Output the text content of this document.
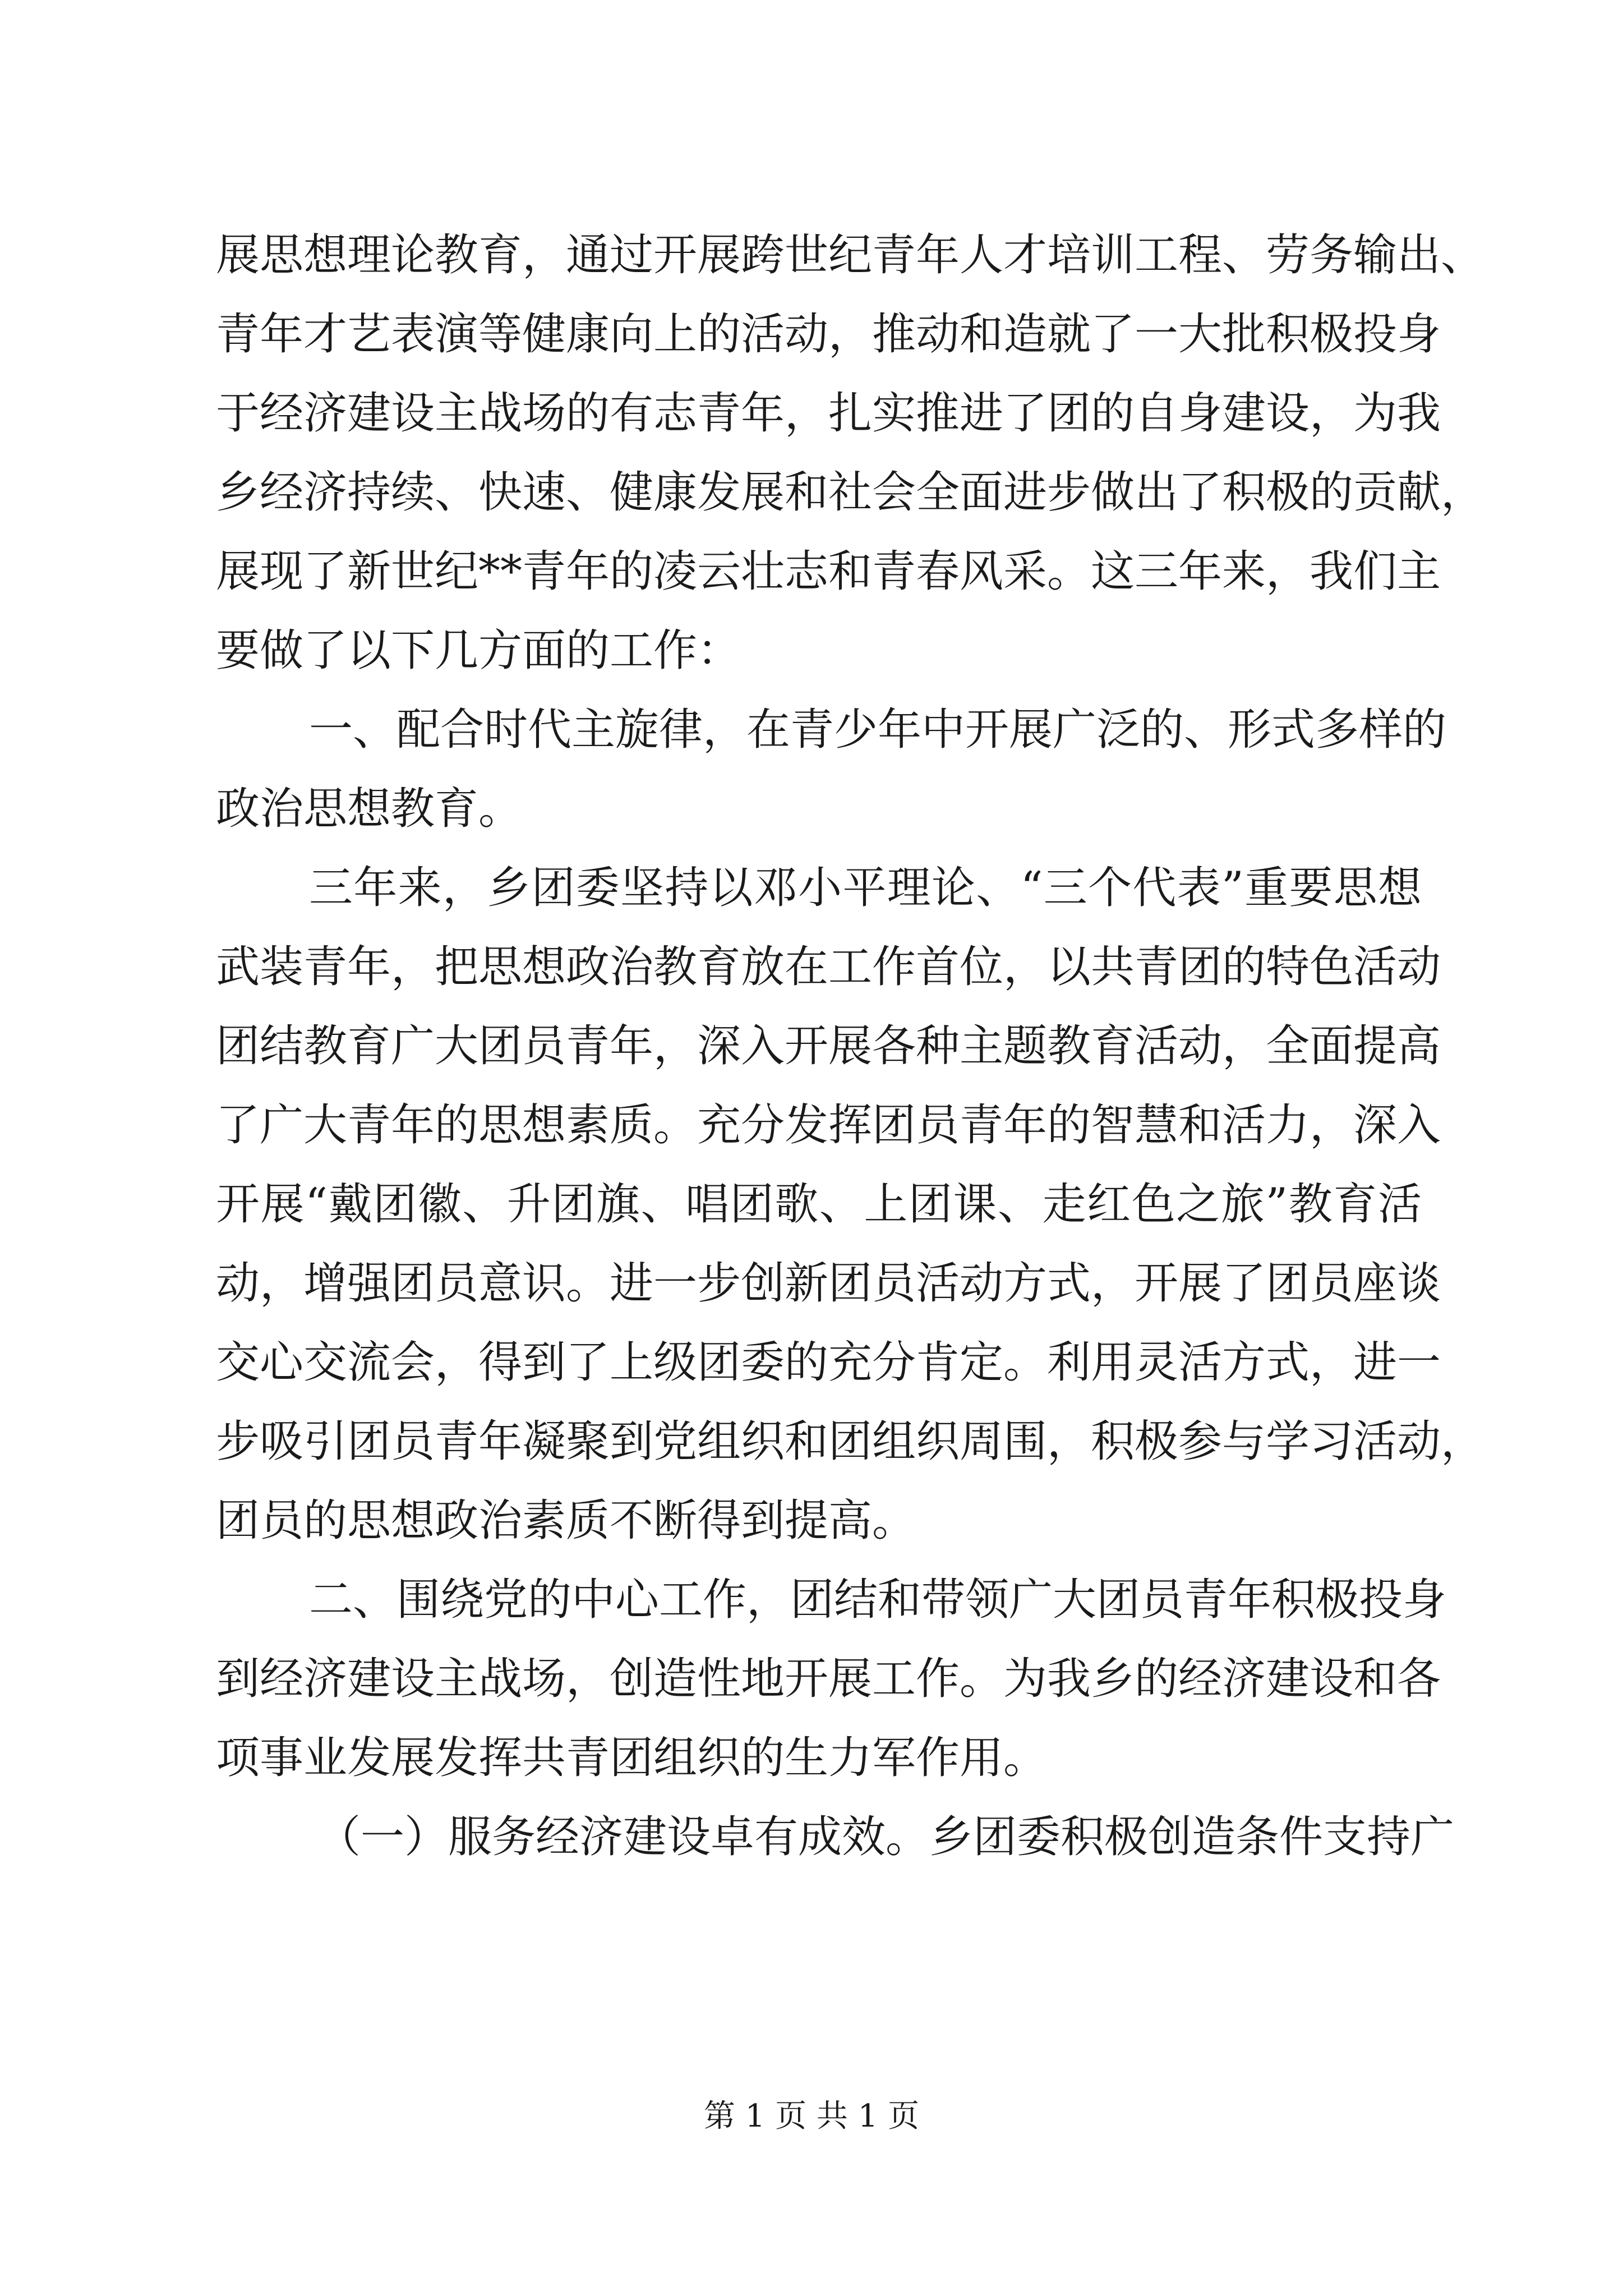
展思想理论教育，通过开展跨世纪青年人才培训工程、劳务输出、
青年才艺表演等健康向上的活动，推动和造就了一大批积极投身
于经济建设主战场的有志青年，扎实推进了团的自身建设，为我
乡经济持续、快速、健康发展和社会全面进步做出了积极的贡献，
展现了新世纪**青年的凌云壮志和青春风采。这三年来，我们主
要做了以下几方面的工作：
一、配合时代主旋律，在青少年中开展广泛的、形式多样的
政治思想教育。
三年来，乡团委坚持以邓小平理论、“三个代表”重要思想
武装青年，把思想政治教育放在工作首位，以共青团的特色活动
团结教育广大团员青年，深入开展各种主题教育活动，全面提高
了广大青年的思想素质。充分发挥团员青年的智慧和活力，深入
开展“戴团徽、升团旗、唱团歌、上团课、走红色之旅”教育活
动，增强团员意识。进一步创新团员活动方式，开展了团员座谈
交心交流会，得到了上级团委的充分肯定。利用灵活方式，进一
步吸引团员青年凝聚到党组织和团组织周围，积极参与学习活动，
团员的思想政治素质不断得到提高。
二、围绕党的中心工作，团结和带领广大团员青年积极投身
到经济建设主战场，创造性地开展工作。为我乡的经济建设和各
项事业发展发挥共青团组织的生力军作用。
（一）服务经济建设卓有成效。乡团委积极创造条件支持广
第 1 页 共 1 页
